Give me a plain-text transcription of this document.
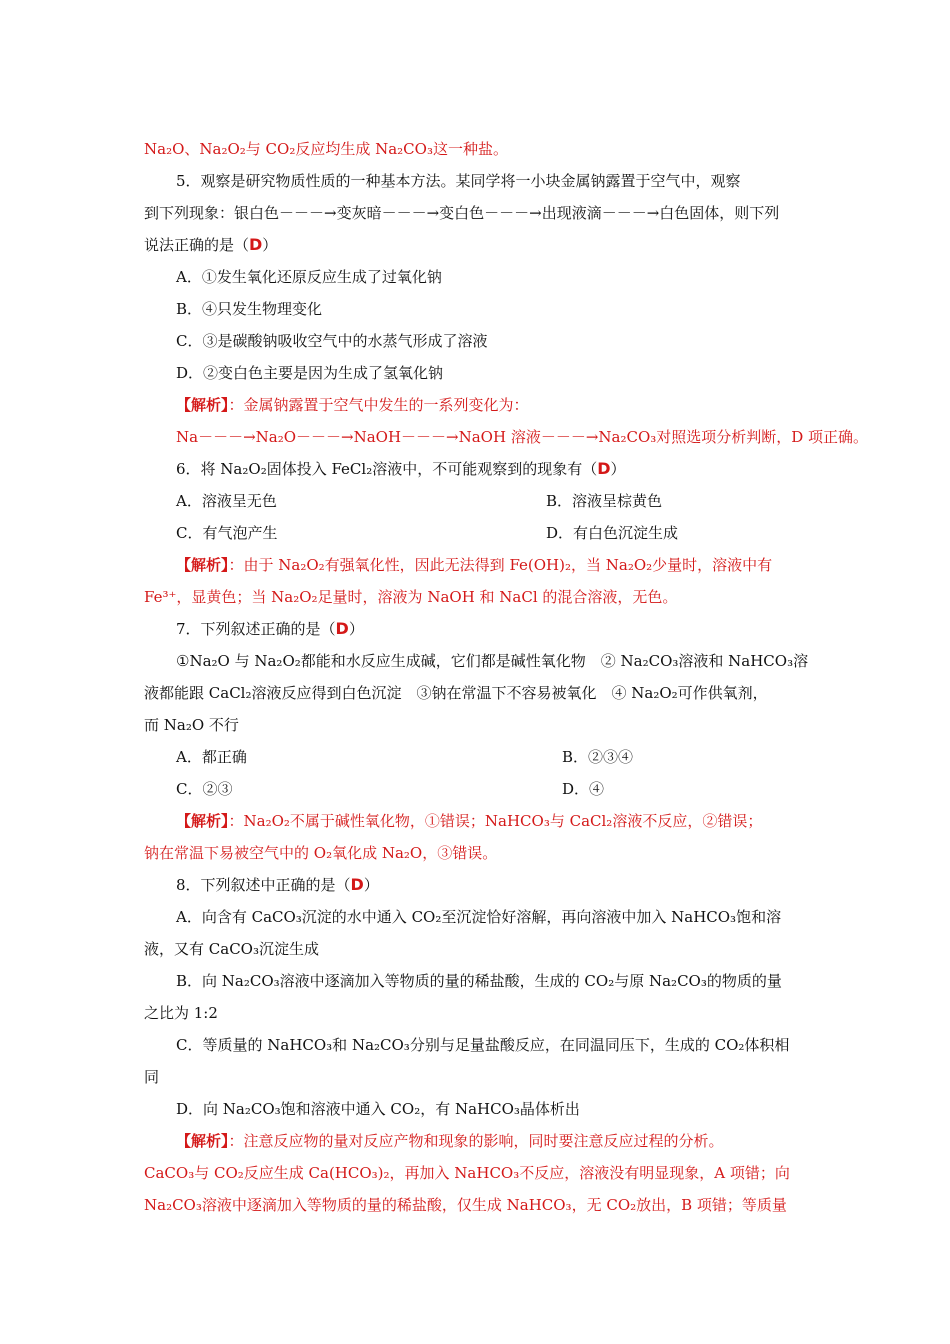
Na₂O、Na₂O₂与 CO₂反应均生成 Na₂CO₃这一种盐。
5．观察是研究物质性质的一种基本方法。某同学将一小块金属钠露置于空气中，观察
到下列现象：银白色－－－→变灰暗－－－→变白色－－－→出现液滴－－－→白色固体，则下列
说法正确的是（D）
A．①发生氧化还原反应生成了过氧化钠
B．④只发生物理变化
C．③是碳酸钠吸收空气中的水蒸气形成了溶液
D．②变白色主要是因为生成了氢氧化钠
【解析】：金属钠露置于空气中发生的一系列变化为：
Na－－－→Na₂O－－－→NaOH－－－→NaOH 溶液－－－→Na₂CO₃对照选项分析判断，D 项正确。
6．将 Na₂O₂固体投入 FeCl₂溶液中，不可能观察到的现象有（D）
A．溶液呈无色	B．溶液呈棕黄色
C．有气泡产生	D．有白色沉淀生成
【解析】：由于 Na₂O₂有强氧化性，因此无法得到 Fe(OH)₂，当 Na₂O₂少量时，溶液中有
Fe³⁺，显黄色；当 Na₂O₂足量时，溶液为 NaOH 和 NaCl 的混合溶液，无色。
7．下列叙述正确的是（D）
①Na₂O 与 Na₂O₂都能和水反应生成碱，它们都是碱性氧化物　② Na₂CO₃溶液和 NaHCO₃溶
液都能跟 CaCl₂溶液反应得到白色沉淀　③钠在常温下不容易被氧化　④ Na₂O₂可作供氧剂，
而 Na₂O 不行
A．都正确	B．②③④
C．②③	D．④
【解析】：Na₂O₂不属于碱性氧化物，①错误；NaHCO₃与 CaCl₂溶液不反应，②错误；
钠在常温下易被空气中的 O₂氧化成 Na₂O，③错误。
8．下列叙述中正确的是（D）
A．向含有 CaCO₃沉淀的水中通入 CO₂至沉淀恰好溶解，再向溶液中加入 NaHCO₃饱和溶
液，又有 CaCO₃沉淀生成
B．向 Na₂CO₃溶液中逐滴加入等物质的量的稀盐酸，生成的 CO₂与原 Na₂CO₃的物质的量
之比为 1:2
C．等质量的 NaHCO₃和 Na₂CO₃分别与足量盐酸反应，在同温同压下，生成的 CO₂体积相
同
D．向 Na₂CO₃饱和溶液中通入 CO₂，有 NaHCO₃晶体析出
【解析】：注意反应物的量对反应产物和现象的影响，同时要注意反应过程的分析。
CaCO₃与 CO₂反应生成 Ca(HCO₃)₂，再加入 NaHCO₃不反应，溶液没有明显现象，A 项错；向
Na₂CO₃溶液中逐滴加入等物质的量的稀盐酸，仅生成 NaHCO₃，无 CO₂放出，B 项错；等质量
